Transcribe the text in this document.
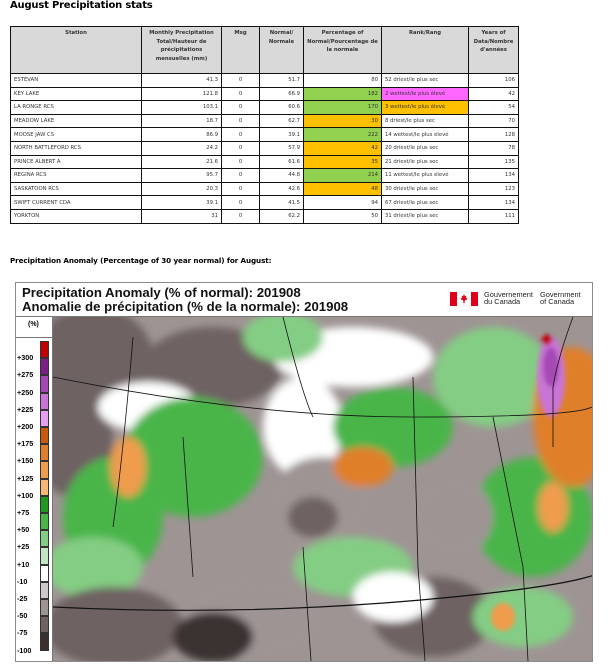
August Precipitation stats
Station	Monthly Precipitation Total/Hauteur de précipitations mensuelles (mm)	Msg	Normal/ Normale	Percentage of Normal/Pourcentage de la normale	Rank/Rang	Years of Data/Nombre d'années
ESTEVAN	41.3	0	51.7	80	52 driest/le plus sec	106
KEY LAKE	121.8	0	66.9	182	2 wettest/le plus élevé	42
LA RONGE RCS	103.1	0	60.6	170	3 wettest/le plus élevé	54
MEADOW LAKE	18.7	0	62.7	30	8 driest/le plus sec	70
MOOSE JAW CS	86.9	0	39.1	222	14 wettest/le plus élevé	128
NORTH BATTLEFORD RCS	24.2	0	57.9	42	20 driest/le plus sec	78
PRINCE ALBERT A	21.6	0	61.6	35	21 driest/le plus sec	135
REGINA RCS	95.7	0	44.8	214	11 wettest/le plus élevé	134
SASKATOON RCS	20.3	0	42.6	48	30 driest/le plus sec	123
SWIFT CURRENT CDA	39.1	0	41.5	94	67 driest/le plus sec	134
YORKTON	31	0	62.2	50	31 driest/le plus sec	111
Precipitation Anomaly (Percentage of 30 year normal) for August:
Precipitation Anomaly (% of normal): 201908
Anomalie de précipitation (% de la normale): 201908
Gouvernement du Canada
Government of Canada
(%)
+300
+275
+250
+225
+200
+175
+150
+125
+100
+75
+50
+25
+10
-10
-25
-50
-75
-100
